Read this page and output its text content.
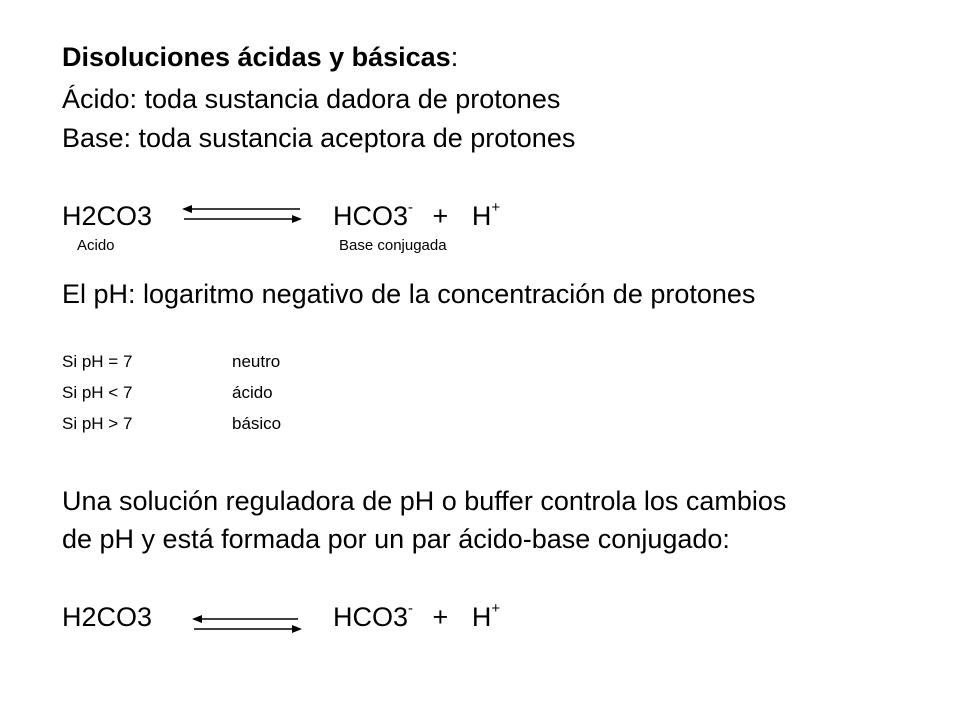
Disoluciones ácidas y básicas:
Ácido: toda sustancia dadora de protones
Base: toda sustancia aceptora de protones
H2CO3	HCO3- + H+
Acido	Base conjugada
El pH: logaritmo negativo de la concentración de protones
Si pH = 7	neutro
Si pH < 7	ácido
Si pH > 7	básico
Una solución reguladora de pH o buffer controla los cambios
de pH y está formada por un par ácido-base conjugado:
H2CO3	HCO3- + H+
